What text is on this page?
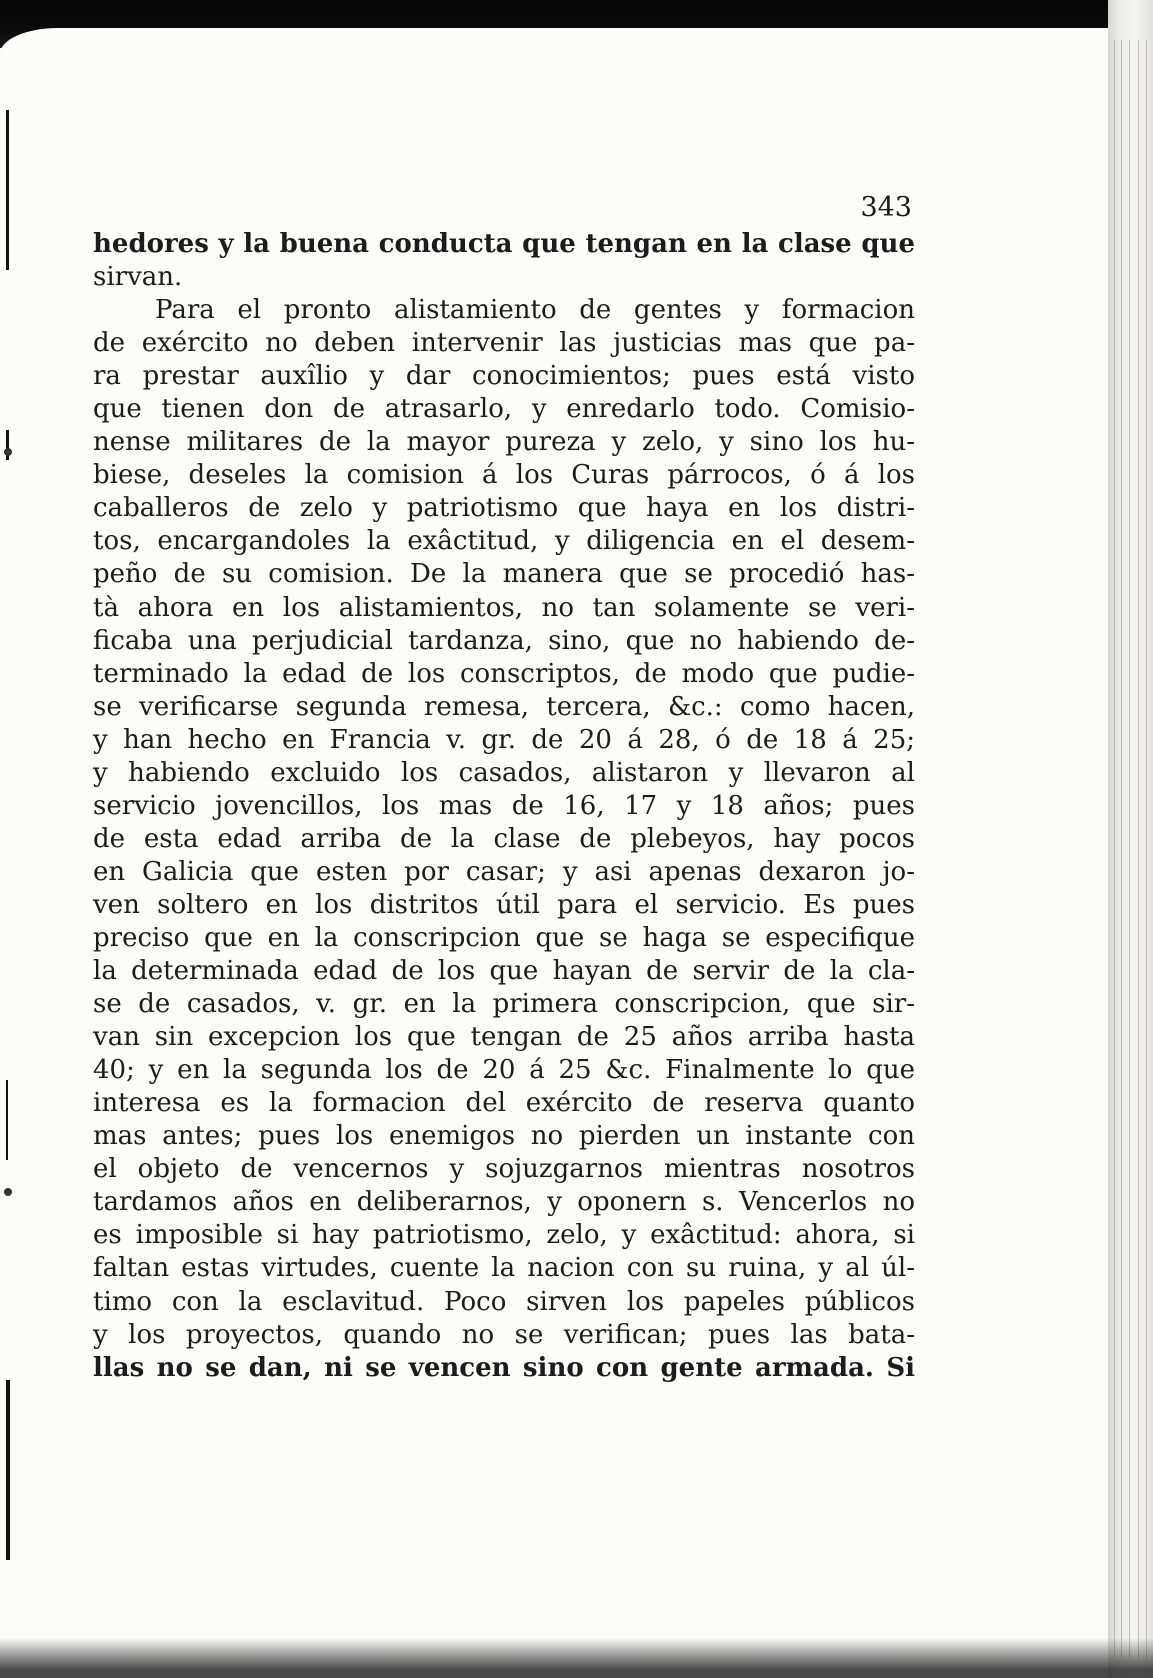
343
hedores y la buena conducta que tengan en la clase que
sirvan.
Para el pronto alistamiento de gentes y formacion
de exército no deben intervenir las justicias mas que pa-
ra prestar auxîlio y dar conocimientos; pues está visto
que tienen don de atrasarlo, y enredarlo todo. Comisio-
nense militares de la mayor pureza y zelo, y sino los hu-
biese, deseles la comision á los Curas párrocos, ó á los
caballeros de zelo y patriotismo que haya en los distri-
tos, encargandoles la exâctitud, y diligencia en el desem-
peño de su comision. De la manera que se procedió has-
tà ahora en los alistamientos, no tan solamente se veri-
ficaba una perjudicial tardanza, sino, que no habiendo de-
terminado la edad de los conscriptos, de modo que pudie-
se verificarse segunda remesa, tercera, &c.: como hacen,
y han hecho en Francia v. gr. de 20 á 28, ó de 18 á 25;
y habiendo excluido los casados, alistaron y llevaron al
servicio jovencillos, los mas de 16, 17 y 18 años; pues
de esta edad arriba de la clase de plebeyos, hay pocos
en Galicia que esten por casar; y asi apenas dexaron jo-
ven soltero en los distritos útil para el servicio. Es pues
preciso que en la conscripcion que se haga se especifique
la determinada edad de los que hayan de servir de la cla-
se de casados, v. gr. en la primera conscripcion, que sir-
van sin excepcion los que tengan de 25 años arriba hasta
40; y en la segunda los de 20 á 25 &c. Finalmente lo que
interesa es la formacion del exército de reserva quanto
mas antes; pues los enemigos no pierden un instante con
el objeto de vencernos y sojuzgarnos mientras nosotros
tardamos años en deliberarnos, y oponern s. Vencerlos no
es imposible si hay patriotismo, zelo, y exâctitud: ahora, si
faltan estas virtudes, cuente la nacion con su ruina, y al úl-
timo con la esclavitud. Poco sirven los papeles públicos
y los proyectos, quando no se verifican; pues las bata-
llas no se dan, ni se vencen sino con gente armada. Si
